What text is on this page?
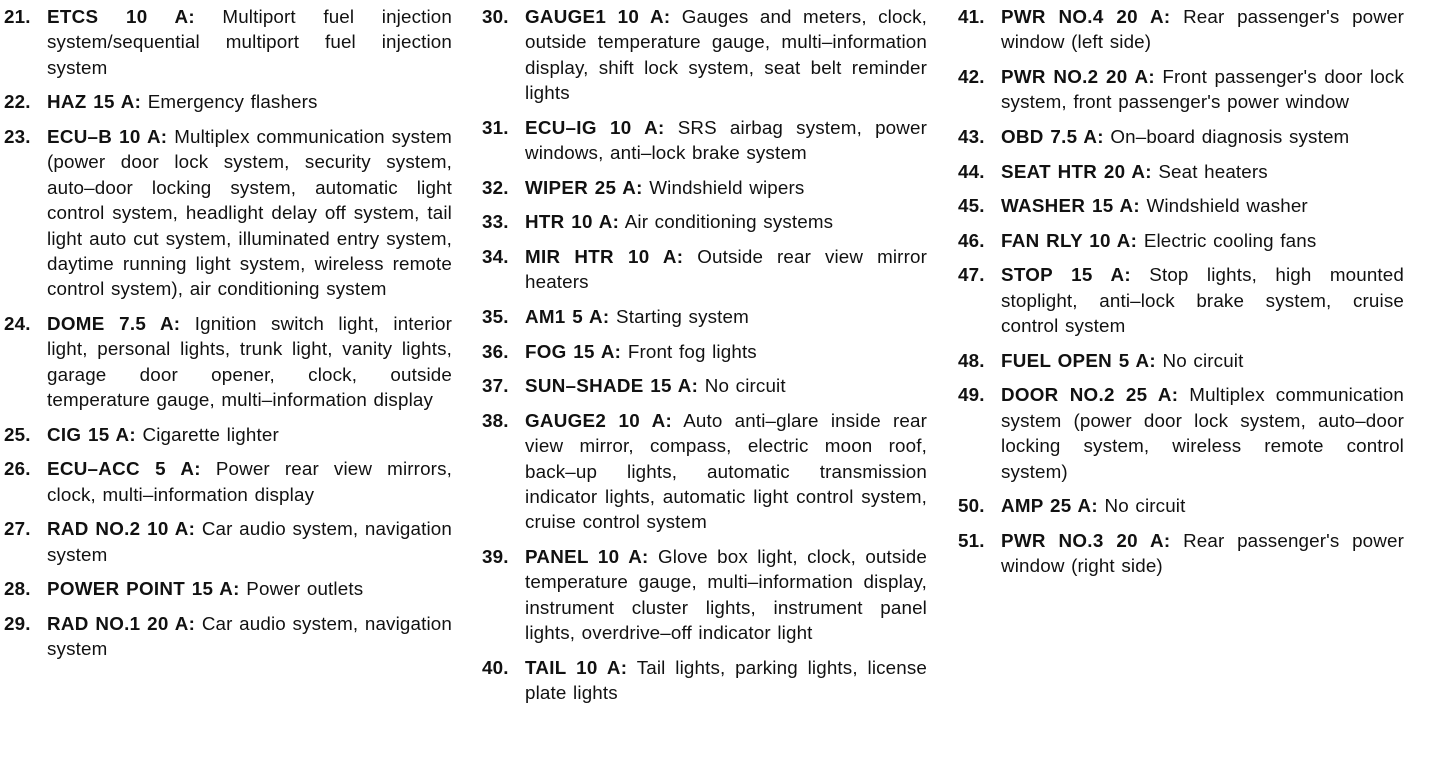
21. ETCS 10 A: Multiport fuel injection system/sequential multiport fuel injection system
22. HAZ 15 A: Emergency flashers
23. ECU–B 10 A: Multiplex communication system (power door lock system, security system, auto–door locking system, automatic light control system, headlight delay off system, tail light auto cut system, illuminated entry system, daytime running light system, wireless remote control system), air conditioning system
24. DOME 7.5 A: Ignition switch light, interior light, personal lights, trunk light, vanity lights, garage door opener, clock, outside temperature gauge, multi–information display
25. CIG 15 A: Cigarette lighter
26. ECU–ACC 5 A: Power rear view mirrors, clock, multi–information display
27. RAD NO.2 10 A: Car audio system, navigation system
28. POWER POINT 15 A: Power outlets
29. RAD NO.1 20 A: Car audio system, navigation system
30. GAUGE1 10 A: Gauges and meters, clock, outside temperature gauge, multi–information display, shift lock system, seat belt reminder lights
31. ECU–IG 10 A: SRS airbag system, power windows, anti–lock brake system
32. WIPER 25 A: Windshield wipers
33. HTR 10 A: Air conditioning systems
34. MIR HTR 10 A: Outside rear view mirror heaters
35. AM1 5 A: Starting system
36. FOG 15 A: Front fog lights
37. SUN–SHADE 15 A: No circuit
38. GAUGE2 10 A: Auto anti–glare inside rear view mirror, compass, electric moon roof, back–up lights, automatic transmission indicator lights, automatic light control system, cruise control system
39. PANEL 10 A: Glove box light, clock, outside temperature gauge, multi–information display, instrument cluster lights, instrument panel lights, overdrive–off indicator light
40. TAIL 10 A: Tail lights, parking lights, license plate lights
41. PWR NO.4 20 A: Rear passenger's power window (left side)
42. PWR NO.2 20 A: Front passenger's door lock system, front passenger's power window
43. OBD 7.5 A: On–board diagnosis system
44. SEAT HTR 20 A: Seat heaters
45. WASHER 15 A: Windshield washer
46. FAN RLY 10 A: Electric cooling fans
47. STOP 15 A: Stop lights, high mounted stoplight, anti–lock brake system, cruise control system
48. FUEL OPEN 5 A: No circuit
49. DOOR NO.2 25 A: Multiplex communication system (power door lock system, auto–door locking system, wireless remote control system)
50. AMP 25 A: No circuit
51. PWR NO.3 20 A: Rear passenger's power window (right side)
